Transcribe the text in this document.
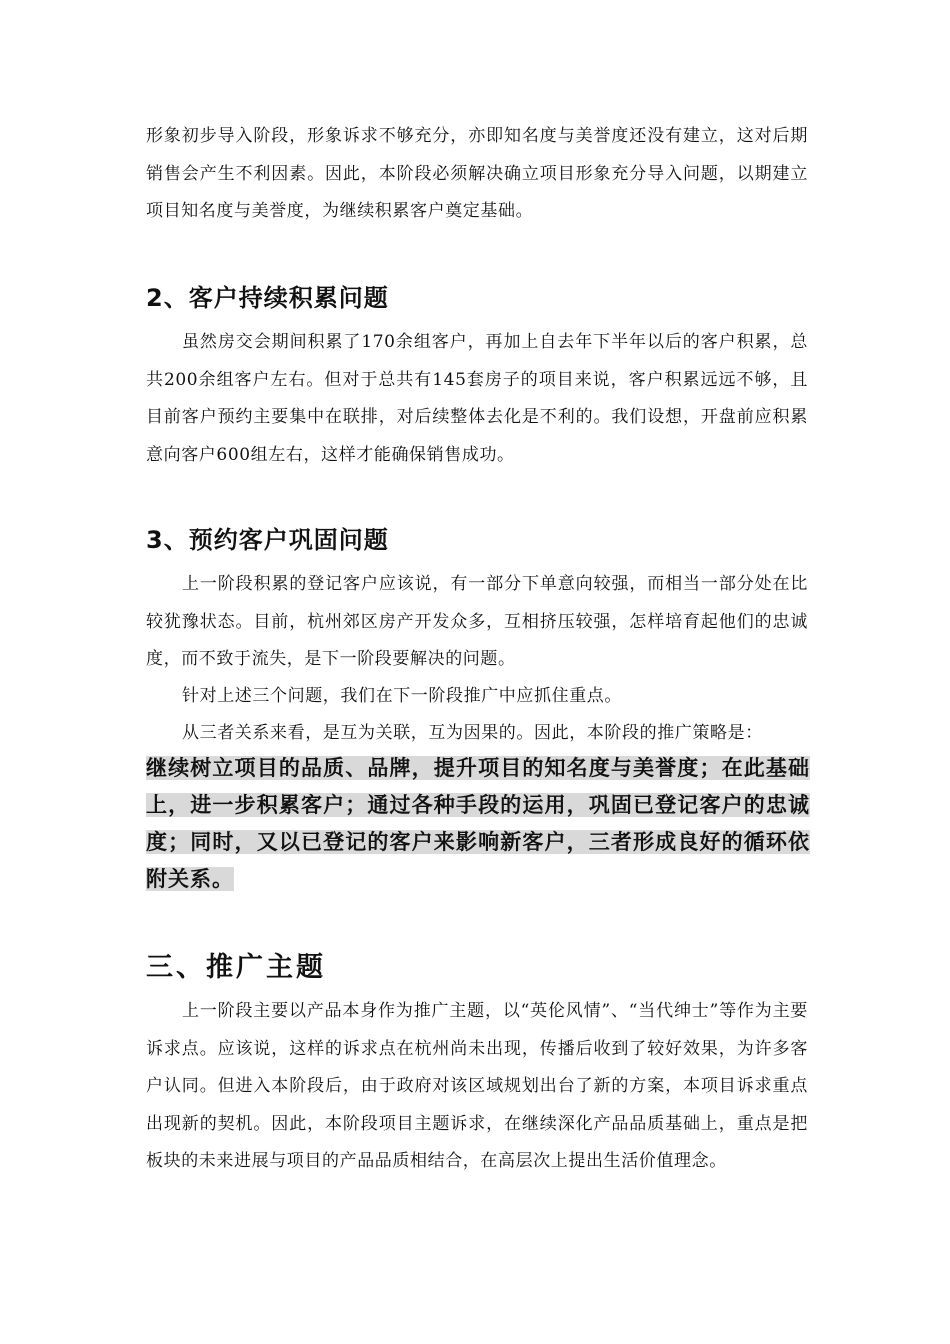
形象初步导入阶段，形象诉求不够充分，亦即知名度与美誉度还没有建立，这对后期销售会产生不利因素。因此，本阶段必须解决确立项目形象充分导入问题，以期建立项目知名度与美誉度，为继续积累客户奠定基础。

2、客户持续积累问题

虽然房交会期间积累了170余组客户，再加上自去年下半年以后的客户积累，总共200余组客户左右。但对于总共有145套房子的项目来说，客户积累远远不够，且目前客户预约主要集中在联排，对后续整体去化是不利的。我们设想，开盘前应积累意向客户600组左右，这样才能确保销售成功。

3、预约客户巩固问题

上一阶段积累的登记客户应该说，有一部分下单意向较强，而相当一部分处在比较犹豫状态。目前，杭州郊区房产开发众多，互相挤压较强，怎样培育起他们的忠诚度，而不致于流失，是下一阶段要解决的问题。

针对上述三个问题，我们在下一阶段推广中应抓住重点。

从三者关系来看，是互为关联，互为因果的。因此，本阶段的推广策略是：

继续树立项目的品质、品牌，提升项目的知名度与美誉度；在此基础上，进一步积累客户；通过各种手段的运用，巩固已登记客户的忠诚度；同时，又以已登记的客户来影响新客户，三者形成良好的循环依附关系。

三、推广主题

上一阶段主要以产品本身作为推广主题，以“英伦风情”、“当代绅士”等作为主要诉求点。应该说，这样的诉求点在杭州尚未出现，传播后收到了较好效果，为许多客户认同。但进入本阶段后，由于政府对该区域规划出台了新的方案，本项目诉求重点出现新的契机。因此，本阶段项目主题诉求，在继续深化产品品质基础上，重点是把板块的未来进展与项目的产品品质相结合，在高层次上提出生活价值理念。
